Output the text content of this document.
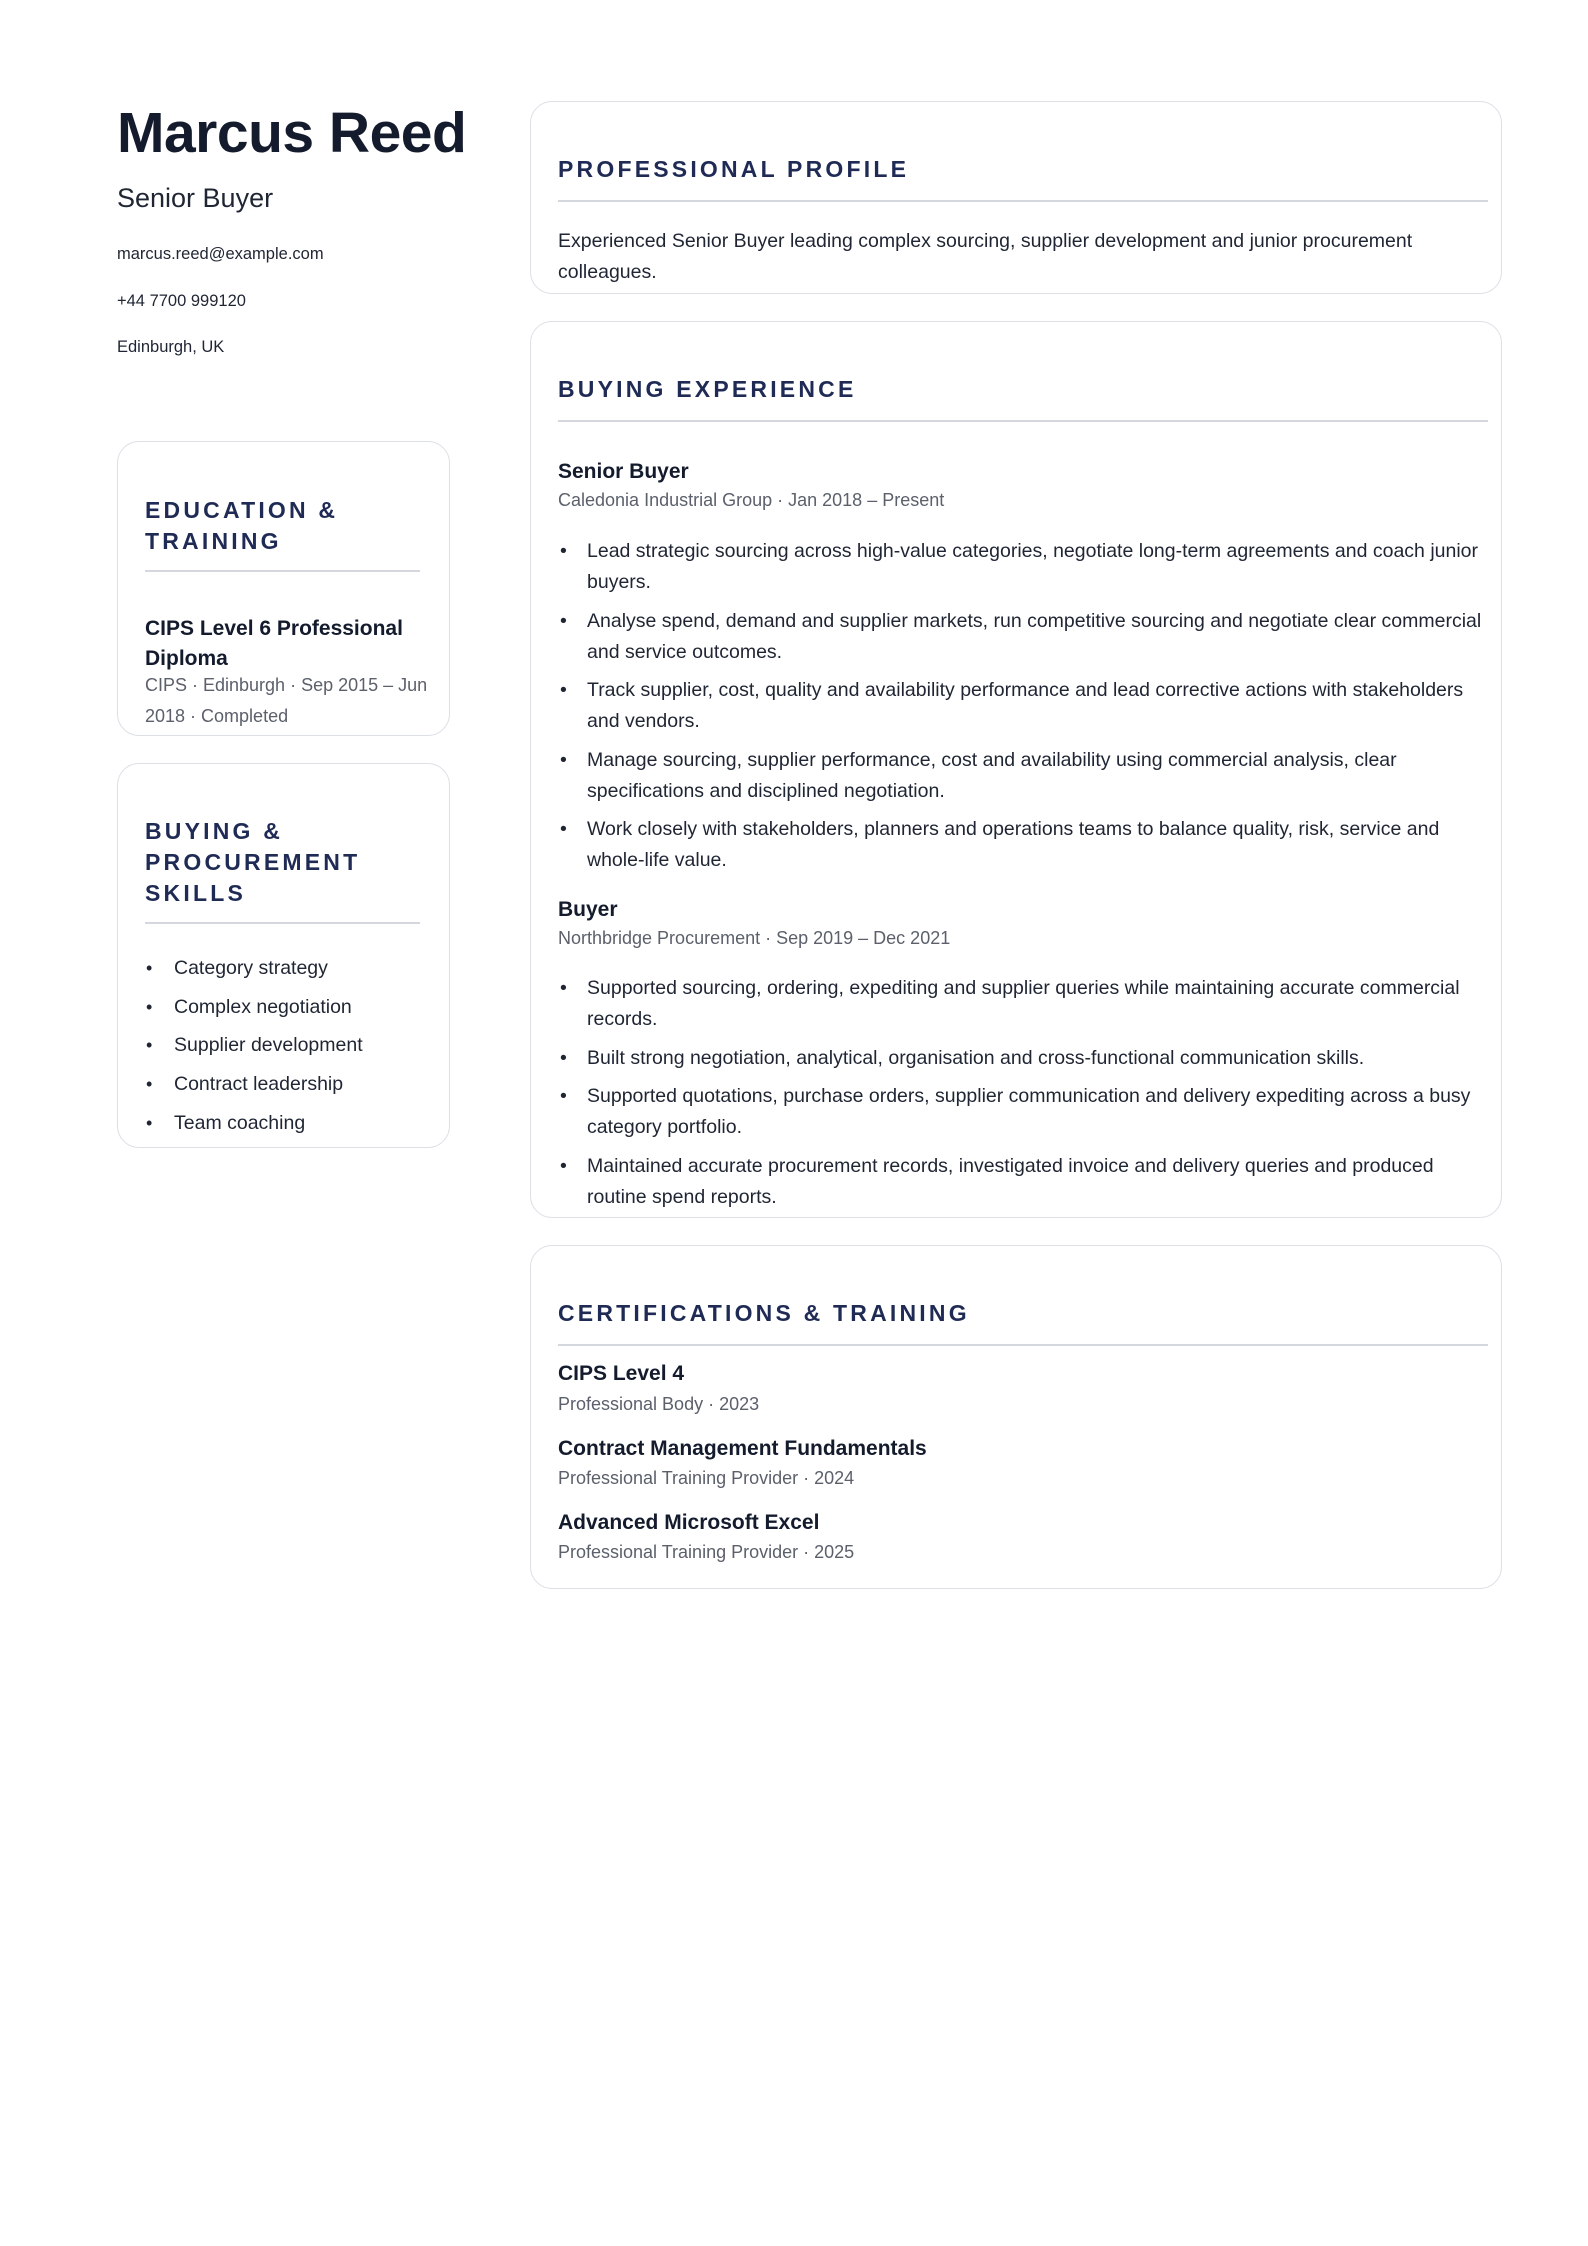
Marcus Reed
Senior Buyer
marcus.reed@example.com
+44 7700 999120
Edinburgh, UK
EDUCATION & TRAINING
CIPS Level 6 Professional Diploma
CIPS · Edinburgh · Sep 2015 – Jun 2018 · Completed
BUYING & PROCUREMENT SKILLS
• Category strategy
• Complex negotiation
• Supplier development
• Contract leadership
• Team coaching
PROFESSIONAL PROFILE

Experienced Senior Buyer leading complex sourcing, supplier development and junior procurement colleagues.

BUYING EXPERIENCE
Senior Buyer
Caledonia Industrial Group · Jan 2018 – Present
• Lead strategic sourcing across high-value categories, negotiate long-term agreements and coach junior buyers.
• Analyse spend, demand and supplier markets, run competitive sourcing and negotiate clear commercial and service outcomes.
• Track supplier, cost, quality and availability performance and lead corrective actions with stakeholders and vendors.
• Manage sourcing, supplier performance, cost and availability using commercial analysis, clear specifications and disciplined negotiation.
• Work closely with stakeholders, planners and operations teams to balance quality, risk, service and whole-life value.
Buyer
Northbridge Procurement · Sep 2019 – Dec 2021
• Supported sourcing, ordering, expediting and supplier queries while maintaining accurate commercial records.
• Built strong negotiation, analytical, organisation and cross-functional communication skills.
• Supported quotations, purchase orders, supplier communication and delivery expediting across a busy category portfolio.
• Maintained accurate procurement records, investigated invoice and delivery queries and produced routine spend reports.
CERTIFICATIONS & TRAINING
CIPS Level 4
Professional Body · 2023
Contract Management Fundamentals
Professional Training Provider · 2024
Advanced Microsoft Excel
Professional Training Provider · 2025
